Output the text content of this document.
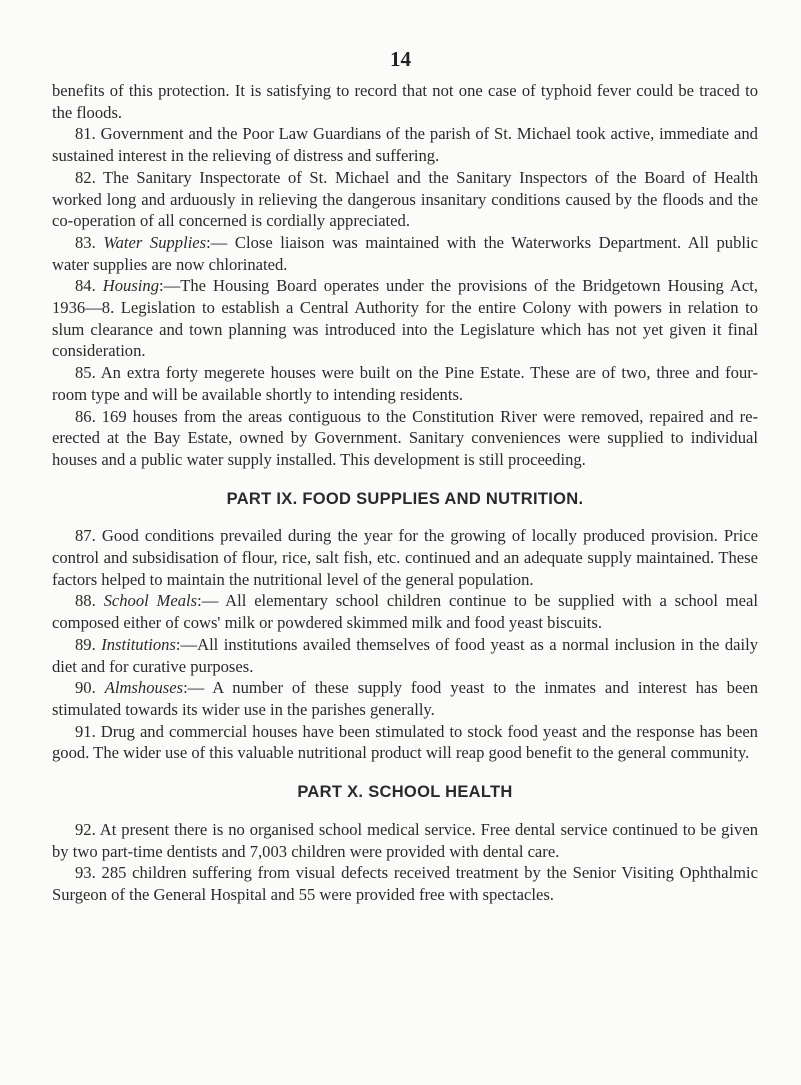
14

benefits of this protection. It is satisfying to record that not one case of typhoid fever could be traced to the floods.

81. Government and the Poor Law Guardians of the parish of St. Michael took active, immediate and sustained interest in the relieving of distress and suffering.

82. The Sanitary Inspectorate of St. Michael and the Sanitary Inspectors of the Board of Health worked long and arduously in relieving the dangerous insanitary conditions caused by the floods and the co-operation of all concerned is cordially appreciated.

83. Water Supplies:— Close liaison was maintained with the Waterworks Department. All public water supplies are now chlorinated.

84. Housing:—The Housing Board operates under the provisions of the Bridgetown Housing Act, 1936—8. Legislation to establish a Central Authority for the entire Colony with powers in relation to slum clearance and town planning was introduced into the Legislature which has not yet given it final consideration.

85. An extra forty megerete houses were built on the Pine Estate. These are of two, three and four-room type and will be available shortly to intending residents.

86. 169 houses from the areas contiguous to the Constitution River were removed, repaired and re-erected at the Bay Estate, owned by Government. Sanitary conveniences were supplied to individual houses and a public water supply installed. This development is still proceeding.

PART IX. FOOD SUPPLIES AND NUTRITION.

87. Good conditions prevailed during the year for the growing of locally produced provision. Price control and subsidisation of flour, rice, salt fish, etc. continued and an adequate supply maintained. These factors helped to maintain the nutritional level of the general population.

88. School Meals:— All elementary school children continue to be supplied with a school meal composed either of cows' milk or powdered skimmed milk and food yeast biscuits.

89. Institutions:—All institutions availed themselves of food yeast as a normal inclusion in the daily diet and for curative purposes.

90. Almshouses:— A number of these supply food yeast to the inmates and interest has been stimulated towards its wider use in the parishes generally.

91. Drug and commercial houses have been stimulated to stock food yeast and the response has been good. The wider use of this valuable nutritional product will reap good benefit to the general community.

PART X. SCHOOL HEALTH

92. At present there is no organised school medical service. Free dental service continued to be given by two part-time dentists and 7,003 children were provided with dental care.

93. 285 children suffering from visual defects received treatment by the Senior Visiting Ophthalmic Surgeon of the General Hospital and 55 were provided free with spectacles.
